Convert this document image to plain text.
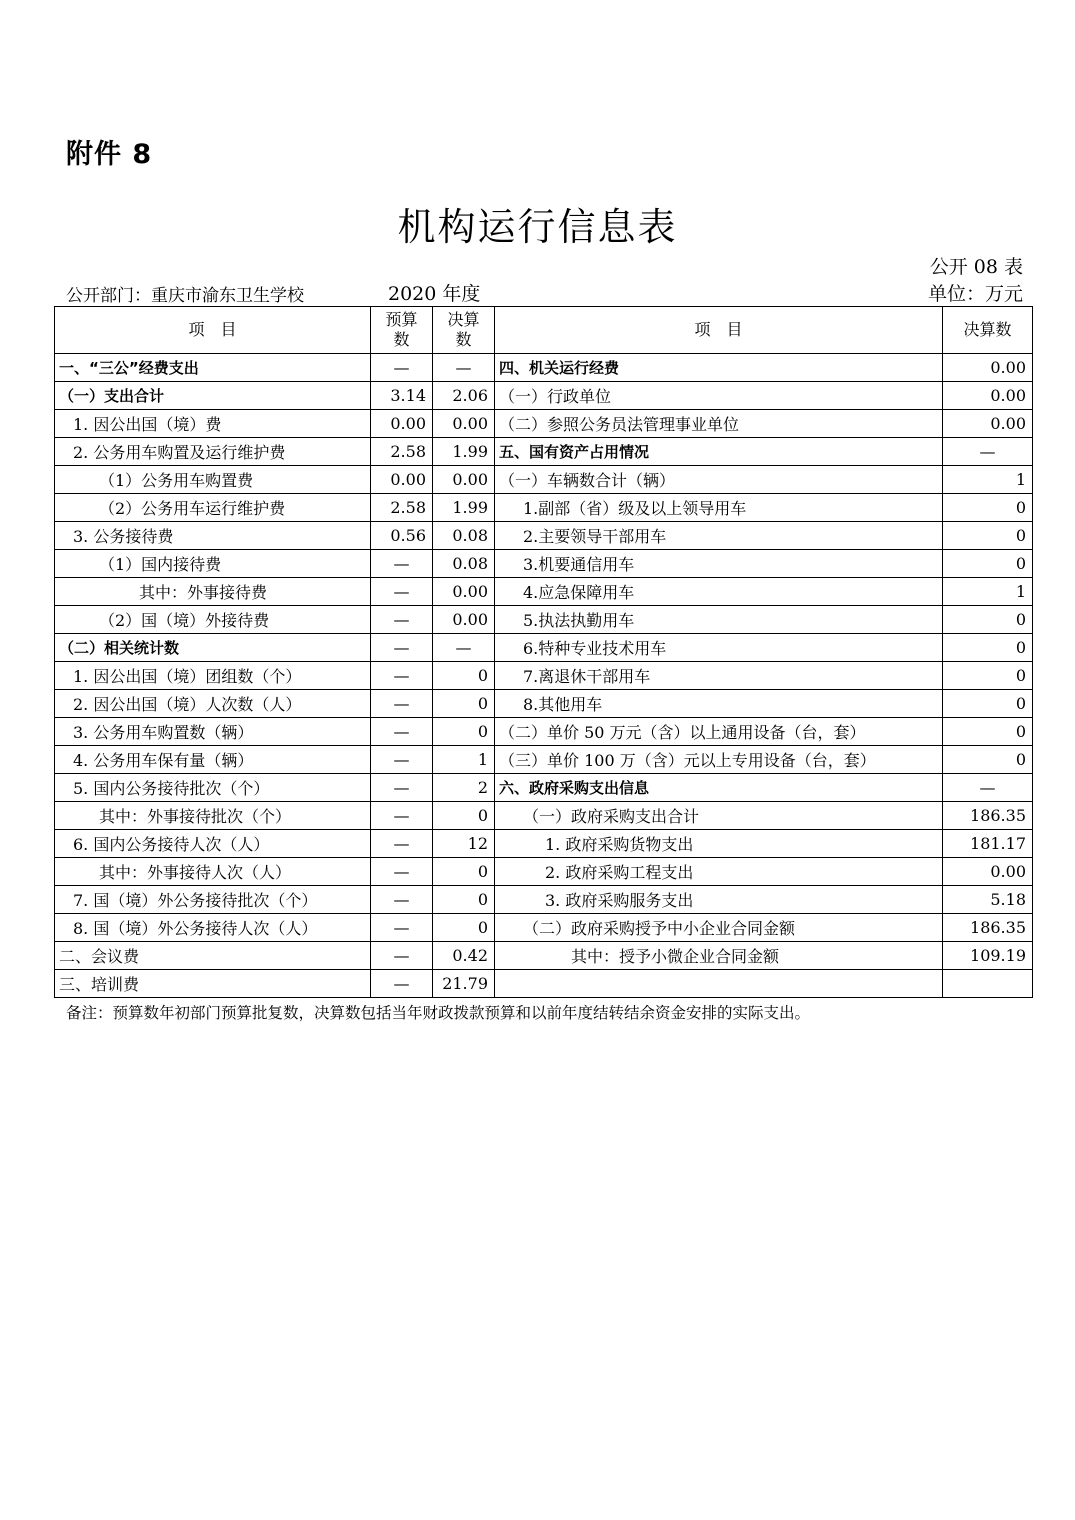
附件 8
机构运行信息表
公开 08 表
公开部门：重庆市渝东卫生学校	2020 年度	单位：万元
项　目	预算数	决算数	项　目	决算数
一、“三公”经费支出	—	—	四、机关运行经费	0.00
（一）支出合计	3.14	2.06	（一）行政单位	0.00
1. 因公出国（境）费	0.00	0.00	（二）参照公务员法管理事业单位	0.00
2. 公务用车购置及运行维护费	2.58	1.99	五、国有资产占用情况	—
（1）公务用车购置费	0.00	0.00	（一）车辆数合计（辆）	1
（2）公务用车运行维护费	2.58	1.99	1.副部（省）级及以上领导用车	0
3. 公务接待费	0.56	0.08	2.主要领导干部用车	0
（1）国内接待费	—	0.08	3.机要通信用车	0
其中：外事接待费	—	0.00	4.应急保障用车	1
（2）国（境）外接待费	—	0.00	5.执法执勤用车	0
（二）相关统计数	—	—	6.特种专业技术用车	0
1. 因公出国（境）团组数（个）	—	0	7.离退休干部用车	0
2. 因公出国（境）人次数（人）	—	0	8.其他用车	0
3. 公务用车购置数（辆）	—	0	（二）单价 50 万元（含）以上通用设备（台，套）	0
4. 公务用车保有量（辆）	—	1	（三）单价 100 万（含）元以上专用设备（台，套）	0
5. 国内公务接待批次（个）	—	2	六、政府采购支出信息	—
其中：外事接待批次（个）	—	0	（一）政府采购支出合计	186.35
6. 国内公务接待人次（人）	—	12	1. 政府采购货物支出	181.17
其中：外事接待人次（人）	—	0	2. 政府采购工程支出	0.00
7. 国（境）外公务接待批次（个）	—	0	3. 政府采购服务支出	5.18
8. 国（境）外公务接待人次（人）	—	0	（二）政府采购授予中小企业合同金额	186.35
二、会议费	—	0.42	其中：授予小微企业合同金额	109.19
三、培训费	—	21.79		
备注：预算数年初部门预算批复数，决算数包括当年财政拨款预算和以前年度结转结余资金安排的实际支出。
